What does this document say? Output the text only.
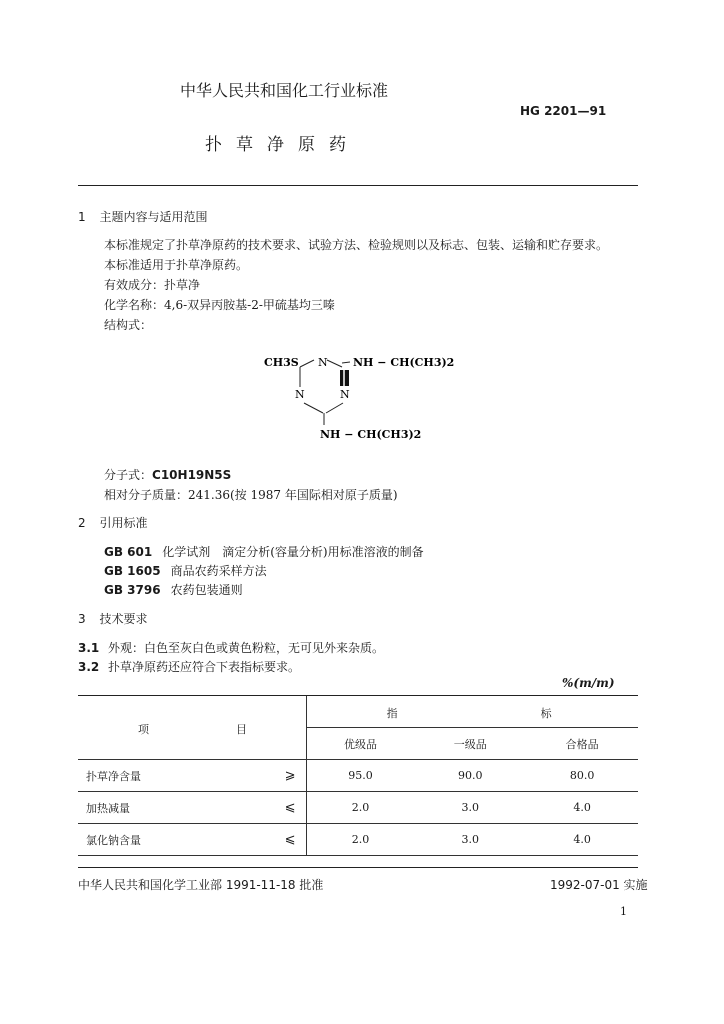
中华人民共和国化工行业标准
HG 2201—91
扑草净原药
1 主题内容与适用范围
本标准规定了扑草净原药的技术要求、试验方法、检验规则以及标志、包装、运输和贮存要求。
本标准适用于扑草净原药。
有效成分：扑草净
化学名称：4,6-双异丙胺基-2-甲硫基均三嗪
结构式：
CH3S N NH − CH(CH3)2
N	N
NH − CH(CH3)2
分子式：C10H19N5S
相对分子质量：241.36(按 1987 年国际相对原子质量)
2 引用标准
GB 601 化学试剂　滴定分析(容量分析)用标准溶液的制备
GB 1605 商品农药采样方法
GB 3796 农药包装通则
3 技术要求
3.1 外观：白色至灰白色或黄色粉粒，无可见外来杂质。
3.2 扑草净原药还应符合下表指标要求。
%(m/m)
项 目	指 标		

	优级品	一级品	合格品

扑草净含量 ⩾	95.0	90.0	80.0

加热减量 ⩽	2.0	3.0	4.0

氯化钠含量 ⩽	2.0	3.0	4.0
中华人民共和国化学工业部 1991-11-18 批准	1992-07-01 实施
1
